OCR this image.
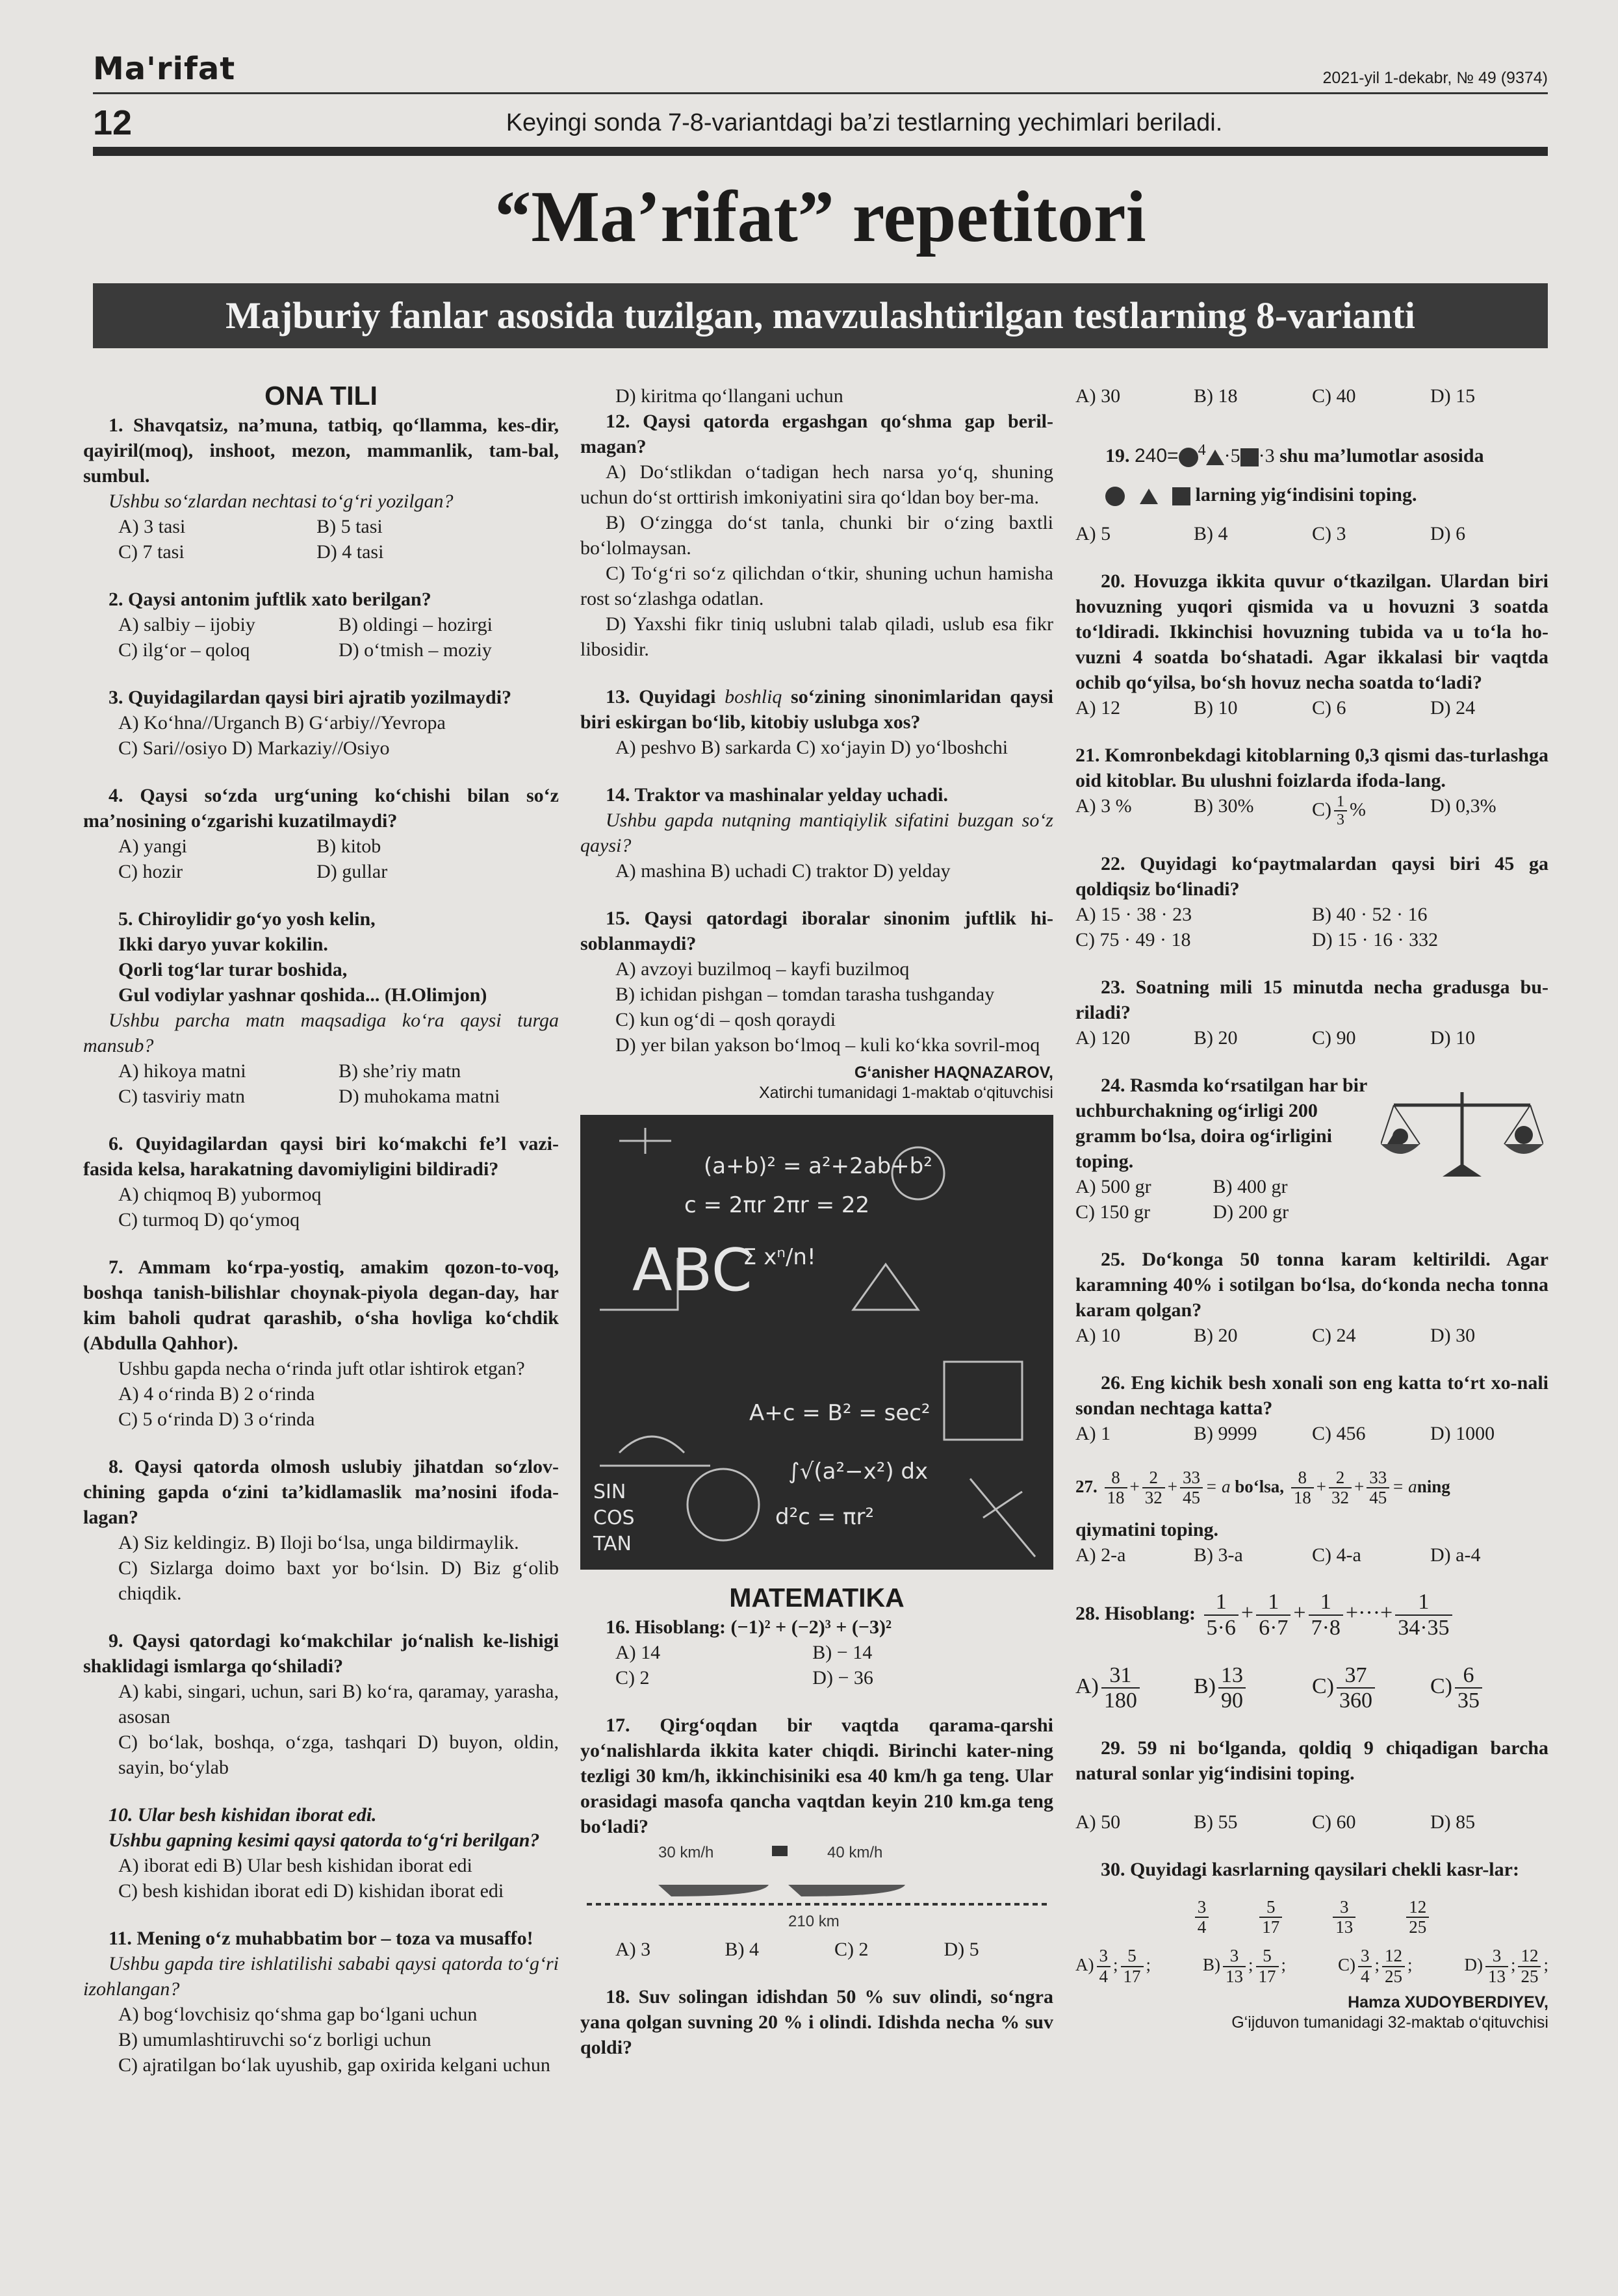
Ma'rifat	2021-yil 1-dekabr, № 49 (9374)
12	Keyingi sonda 7-8-variantdagi ba’zi testlarning yechimlari beriladi.
“Ma’rifat” repetitori
Majburiy fanlar asosida tuzilgan, mavzulashtirilgan testlarning 8-varianti
ONA TILI
1. Shavqatsiz, na’muna, tatbiq, qo‘llamma, kes-dir, qayiril(moq), inshoot, mezon, mammanlik, tam-bal, sumbul.
Ushbu so‘zlardan nechtasi to‘g‘ri yozilgan?
A) 3 tasi	B) 5 tasi
C) 7 tasi	D) 4 tasi
2. Qaysi antonim juftlik xato berilgan?
A) salbiy – ijobiy	B) oldingi – hozirgi
C) ilg‘or – qoloq	D) o‘tmish – moziy
3. Quyidagilardan qaysi biri ajratib yozilmaydi?
A) Ko‘hna//Urganch B) G‘arbiy//Yevropa
C) Sari//osiyo D) Markaziy//Osiyo
4. Qaysi so‘zda urg‘uning ko‘chishi bilan so‘z ma’nosining o‘zgarishi kuzatilmaydi?
A) yangi	B) kitob
C) hozir	D) gullar
5. Chiroylidir go‘yo yosh kelin,
Ikki daryo yuvar kokilin.
Qorli tog‘lar turar boshida,
Gul vodiylar yashnar qoshida... (H.Olimjon)
Ushbu parcha matn maqsadiga ko‘ra qaysi turga mansub?
A) hikoya matni	B) she’riy matn
C) tasviriy matn	D) muhokama matni
6. Quyidagilardan qaysi biri ko‘makchi fe’l vazi-fasida kelsa, harakatning davomiyligini bildiradi?
A) chiqmoq B) yubormoq
C) turmoq D) qo‘ymoq
7. Ammam ko‘rpa-yostiq, amakim qozon-to-voq, boshqa tanish-bilishlar choynak-piyola degan-day, har kim baholi qudrat qarashib, o‘sha hovliga ko‘chdik (Abdulla Qahhor).
Ushbu gapda necha o‘rinda juft otlar ishtirok etgan?
A) 4 o‘rinda B) 2 o‘rinda
C) 5 o‘rinda D) 3 o‘rinda
8. Qaysi qatorda olmosh uslubiy jihatdan so‘zlov-chining gapda o‘zini ta’kidlamaslik ma’nosini ifoda-lagan?
A) Siz keldingiz. B) Iloji bo‘lsa, unga bildirmaylik.
C) Sizlarga doimo baxt yor bo‘lsin. D) Biz g‘olib chiqdik.
9. Qaysi qatordagi ko‘makchilar jo‘nalish ke-lishigi shaklidagi ismlarga qo‘shiladi?
A) kabi, singari, uchun, sari B) ko‘ra, qaramay, yarasha, asosan
C) bo‘lak, boshqa, o‘zga, tashqari D) buyon, oldin, sayin, bo‘ylab
10. Ular besh kishidan iborat edi.
Ushbu gapning kesimi qaysi qatorda to‘g‘ri berilgan?
A) iborat edi B) Ular besh kishidan iborat edi
C) besh kishidan iborat edi D) kishidan iborat edi
11. Mening o‘z muhabbatim bor – toza va musaffo!
Ushbu gapda tire ishlatilishi sababi qaysi qatorda to‘g‘ri izohlangan?
A) bog‘lovchisiz qo‘shma gap bo‘lgani uchun
B) umumlashtiruvchi so‘z borligi uchun
C) ajratilgan bo‘lak uyushib, gap oxirida kelgani uchun
D) kiritma qo‘llangani uchun
12. Qaysi qatorda ergashgan qo‘shma gap beril-magan?
A) Do‘stlikdan o‘tadigan hech narsa yo‘q, shuning uchun do‘st orttirish imkoniyatini sira qo‘ldan boy ber-ma.
B) O‘zingga do‘st tanla, chunki bir o‘zing baxtli bo‘lolmaysan.
C) To‘g‘ri so‘z qilichdan o‘tkir, shuning uchun hamisha rost so‘zlashga odatlan.
D) Yaxshi fikr tiniq uslubni talab qiladi, uslub esa fikr libosidir.
13. Quyidagi boshliq so‘zining sinonimlaridan qaysi biri eskirgan bo‘lib, kitobiy uslubga xos?
A) peshvo B) sarkarda C) xo‘jayin D) yo‘lboshchi
14. Traktor va mashinalar yelday uchadi.
Ushbu gapda nutqning mantiqiylik sifatini buzgan so‘z qaysi?
A) mashina B) uchadi C) traktor D) yelday
15. Qaysi qatordagi iboralar sinonim juftlik hi-soblanmaydi?
A) avzoyi buzilmoq – kayfi buzilmoq
B) ichidan pishgan – tomdan tarasha tushganday
C) kun og‘di – qosh qoraydi
D) yer bilan yakson bo‘lmoq – kuli ko‘kka sovril-moq
G‘anisher HAQNAZAROV,
Xatirchi tumanidagi 1-maktab o‘qituvchisi
(a+b)² = a²+2ab+b²
c = 2πr 2πr = 22
ABC
A+c = B² = sec²
∫√(a²−x²) dx
d²c = πr²
Σ xⁿ/n!
SIN
COS
TAN
MATEMATIKA
16. Hisoblang: (−1)² + (−2)³ + (−3)²
A) 14	B) − 14
C) 2	D) − 36
17. Qirg‘oqdan bir vaqtda qarama-qarshi yo‘nalishlarda ikkita kater chiqdi. Birinchi kater-ning tezligi 30 km/h, ikkinchisiniki esa 40 km/h ga teng. Ular orasidagi masofa qancha vaqtdan keyin 210 km.ga teng bo‘ladi?
30 km/h	40 km/h
210 km
A) 3	B) 4	C) 2	D) 5
18. Suv solingan idishdan 50 % suv olindi, so‘ngra yana qolgan suvning 20 % i olindi. Idishda necha % suv qoldi?
A) 30	B) 18	C) 40	D) 15
19. 240= $^4$ ·5 ·3 shu ma’lumotlar asosida
larning yig‘indisini toping.
A) 5	B) 4	C) 3	D) 6
20. Hovuzga ikkita quvur o‘tkazilgan. Ulardan biri hovuzning yuqori qismida va u hovuzni 3 soatda to‘ldiradi. Ikkinchisi hovuzning tubida va u to‘la ho-vuzni 4 soatda bo‘shatadi. Agar ikkalasi bir vaqtda ochib qo‘yilsa, bo‘sh hovuz necha soatda to‘ladi?
A) 12	B) 10	C) 6	D) 24
21. Komronbekdagi kitoblarning 0,3 qismi das-turlashga oid kitoblar. Bu ulushni foizlarda ifoda-lang.
A) 3 %	B) 30%	$C) \frac{1}{3}$ %	D) 0,3%
22. Quyidagi ko‘paytmalardan qaysi biri 45 ga qoldiqsiz bo‘linadi?
A) 15 · 38 · 23	B) 40 · 52 · 16
C) 75 · 49 · 18	D) 15 · 16 · 332
23. Soatning mili 15 minutda necha gradusga bu-riladi?
A) 120	B) 20	C) 90	D) 10
24. Rasmda ko‘rsatilgan har bir uchburchakning og‘irligi 200 gramm bo‘lsa, doira og‘irligini toping.
A) 500 gr	B) 400 gr
C) 150 gr	D) 200 gr
25. Do‘konga 50 tonna karam keltirildi. Agar karamning 40% i sotilgan bo‘lsa, do‘konda necha tonna karam qolgan?
A) 10	B) 20	C) 24	D) 30
26. Eng kichik besh xonali son eng katta to‘rt xo-nali sondan nechtaga katta?
A) 1	B) 9999	C) 456	D) 1000
27. $\frac{8}{18} + \frac{2}{32} + \frac{33}{45} = a$ bo‘lsa, $\frac{8}{18} + \frac{2}{32} + \frac{33}{45}$ = aning
qiymatini toping.
A) 2-a	B) 3-a	C) 4-a	D) a-4
28. Hisoblang: $\frac{1}{5\cdot 6} + \frac{1}{6\cdot 7} + \frac{1}{7\cdot 8}$ +···+ $\frac{1}{34\cdot 35}$
$A) \frac{31}{180} B) \frac{13}{90}$	$C) \frac{37}{360}$	$C) \frac{6}{35}$
29. 59 ni bo‘lganda, qoldiq 9 chiqadigan barcha natural sonlar yig‘indisini toping.
A) 50	B) 55	C) 60	D) 85
30. Quyidagi kasrlarning qaysilari chekli kasr-lar:
$\frac{3}{4}$	$\frac{5}{17}$	$\frac{3}{13}$	$\frac{12}{25}$
$A) \frac{3}{4}$ ; $\frac{5}{17}$ ;	$B) \frac{3}{13}$ ; $\frac{5}{17}$ ;	$C) \frac{3}{4}$ ; $\frac{12}{25}$ ;	$D) \frac{3}{13}$ ; $\frac{12}{25}$ ;
Hamza XUDOYBERDIYEV,
G‘ijduvon tumanidagi 32-maktab o‘qituvchisi
